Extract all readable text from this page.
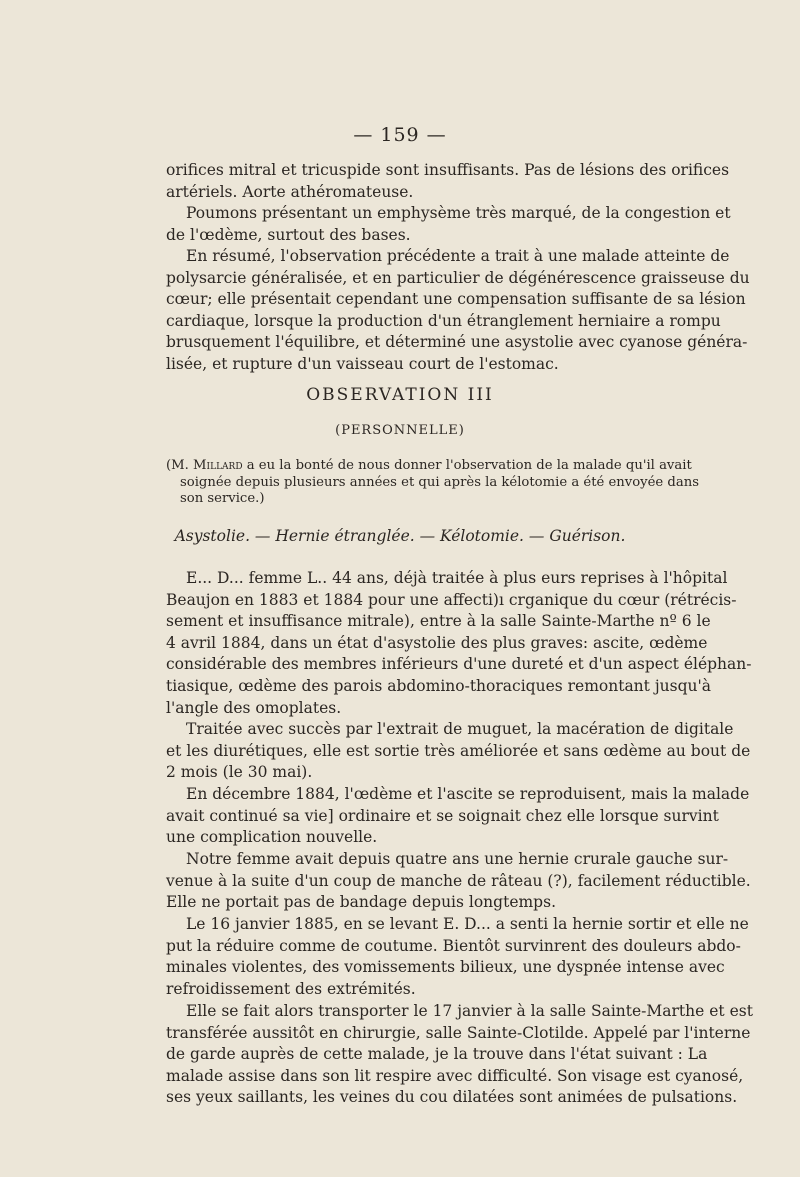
— 159 —
orifices mitral et tricuspide sont insuffisants. Pas de lésions des orifices
artériels. Aorte athéromateuse.
Poumons présentant un emphysème très marqué, de la congestion et
de l'œdème, surtout des bases.
En résumé, l'observation précédente a trait à une malade atteinte de
polysarcie généralisée, et en particulier de dégénérescence graisseuse du
cœur; elle présentait cependant une compensation suffisante de sa lésion
cardiaque, lorsque la production d'un étranglement herniaire a rompu
brusquement l'équilibre, et déterminé une asystolie avec cyanose généra-
lisée, et rupture d'un vaisseau court de l'estomac.
OBSERVATION III
(PERSONNELLE)
(M. Millard a eu la bonté de nous donner l'observation de la malade qu'il avait
soignée depuis plusieurs années et qui après la kélotomie a été envoyée dans
son service.)
Asystolie. — Hernie étranglée. — Kélotomie. — Guérison.
E... D... femme L.. 44 ans, déjà traitée à plus eurs reprises à l'hôpital
Beaujon en 1883 et 1884 pour une affecti)ı crganique du cœur (rétrécis-
sement et insuffisance mitrale), entre à la salle Sainte-Marthe nº 6 le
4 avril 1884, dans un état d'asystolie des plus graves: ascite, œdème
considérable des membres inférieurs d'une dureté et d'un aspect éléphan-
tiasique, œdème des parois abdomino-thoraciques remontant jusqu'à
l'angle des omoplates.
Traitée avec succès par l'extrait de muguet, la macération de digitale
et les diurétiques, elle est sortie très améliorée et sans œdème au bout de
2 mois (le 30 mai).
En décembre 1884, l'œdème et l'ascite se reproduisent, mais la malade
avait continué sa vie] ordinaire et se soignait chez elle lorsque survint
une complication nouvelle.
Notre femme avait depuis quatre ans une hernie crurale gauche sur-
venue à la suite d'un coup de manche de râteau (?), facilement réductible.
Elle ne portait pas de bandage depuis longtemps.
Le 16 janvier 1885, en se levant E. D... a senti la hernie sortir et elle ne
put la réduire comme de coutume. Bientôt survinrent des douleurs abdo-
minales violentes, des vomissements bilieux, une dyspnée intense avec
refroidissement des extrémités.
Elle se fait alors transporter le 17 janvier à la salle Sainte-Marthe et est
transférée aussitôt en chirurgie, salle Sainte-Clotilde. Appelé par l'interne
de garde auprès de cette malade, je la trouve dans l'état suivant : La
malade assise dans son lit respire avec difficulté. Son visage est cyanosé,
ses yeux saillants, les veines du cou dilatées sont animées de pulsations.
